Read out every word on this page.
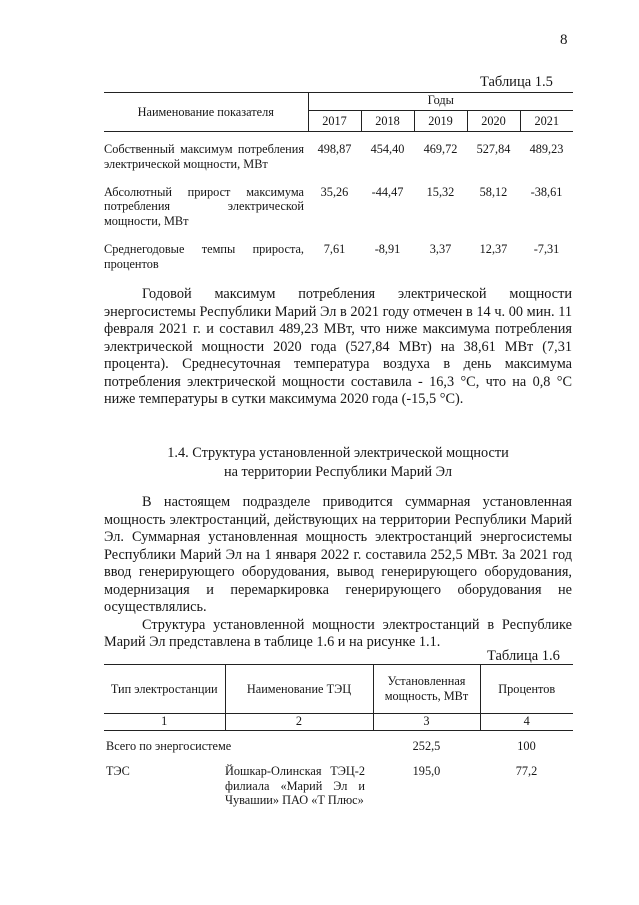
8
Таблица 1.5
Наименование показателя	Годы				
	2017	2018	2019	2020	2021
Собственный максимум потребления электрической мощности, МВт	498,87	454,40	469,72	527,84	489,23
Абсолютный прирост максимума потребления электрической мощности, МВт	35,26	-44,47	15,32	58,12	-38,61
Среднегодовые темпы прироста, процентов	7,61	-8,91	3,37	12,37	-7,31

Годовой максимум потребления электрической мощности энергосистемы Республики Марий Эл в 2021 году отмечен в 14 ч. 00 мин. 11 февраля 2021 г. и составил 489,23 МВт, что ниже максимума потребления электрической мощности 2020 года (527,84 МВт) на 38,61 МВт (7,31 процента). Среднесуточная температура воздуха в день максимума потребления электрической мощности составила - 16,3 °С, что на 0,8 °С ниже температуры в сутки максимума 2020 года (-15,5 °С).

1.4. Структура установленной электрической мощности
на территории Республики Марий Эл

В настоящем подразделе приводится суммарная установленная мощность электростанций, действующих на территории Республики Марий Эл. Суммарная установленная мощность электростанций энергосистемы Республики Марий Эл на 1 января 2022 г. составила 252,5 МВт. За 2021 год ввод генерирующего оборудования, вывод генерирующего оборудования, модернизация и перемаркировка генерирующего оборудования не осуществлялись.

Структура установленной мощности электростанций в Республике Марий Эл представлена в таблице 1.6 и на рисунке 1.1.

Таблица 1.6
Тип электростанции	Наименование ТЭЦ	Установленная мощность, МВт	Процентов
1	2	3	4
Всего по энергосистеме		252,5	100
ТЭС	Йошкар-Олинская ТЭЦ-2 филиала «Марий Эл и Чувашии» ПАО «Т Плюс»	195,0	77,2
